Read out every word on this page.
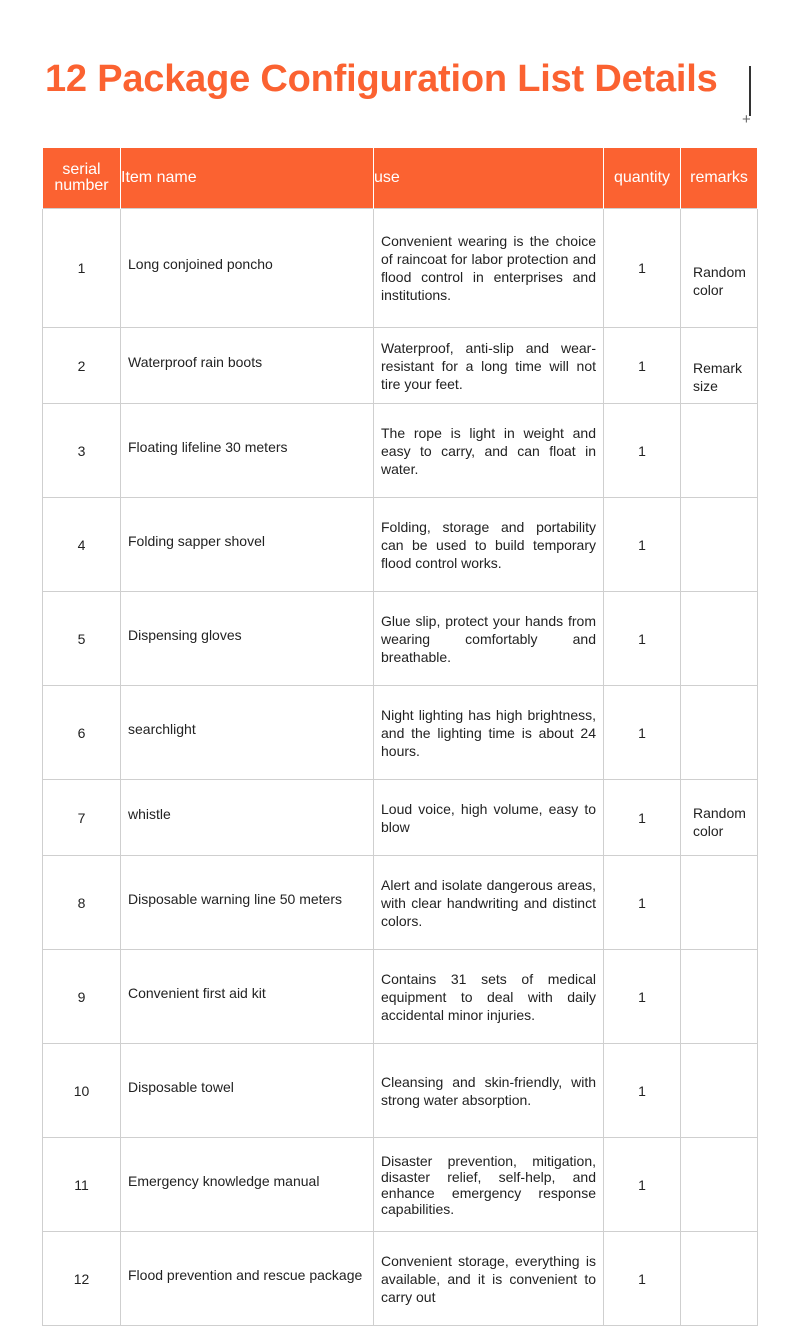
12 Package Configuration List Details
+
serial number	Item name	use	quantity	remarks
1	Long conjoined poncho	Convenient wearing is the choice of raincoat for labor protection and flood control in enterprises and institutions.	1	Random color
2	Waterproof rain boots	Waterproof, anti-slip and wear-resistant for a long time will not tire your feet.	1	Remark size
3	Floating lifeline 30 meters	The rope is light in weight and easy to carry, and can float in water.	1	
4	Folding sapper shovel	Folding, storage and portability can be used to build temporary flood control works.	1	
5	Dispensing gloves	Glue slip, protect your hands from wearing comfortably and breathable.	1	
6	searchlight	Night lighting has high brightness, and the lighting time is about 24 hours.	1	
7	whistle	Loud voice, high volume, easy to blow	1	Random color
8	Disposable warning line 50 meters	Alert and isolate dangerous areas, with clear handwriting and distinct colors.	1	
9	Convenient first aid kit	Contains 31 sets of medical equipment to deal with daily accidental minor injuries.	1	
10	Disposable towel	Cleansing and skin-friendly, with strong water absorption.	1	
11	Emergency knowledge manual	Disaster prevention, mitigation, disaster relief, self-help, and enhance emergency response capabilities.	1	
12	Flood prevention and rescue package	Convenient storage, everything is available, and it is convenient to carry out	1	
